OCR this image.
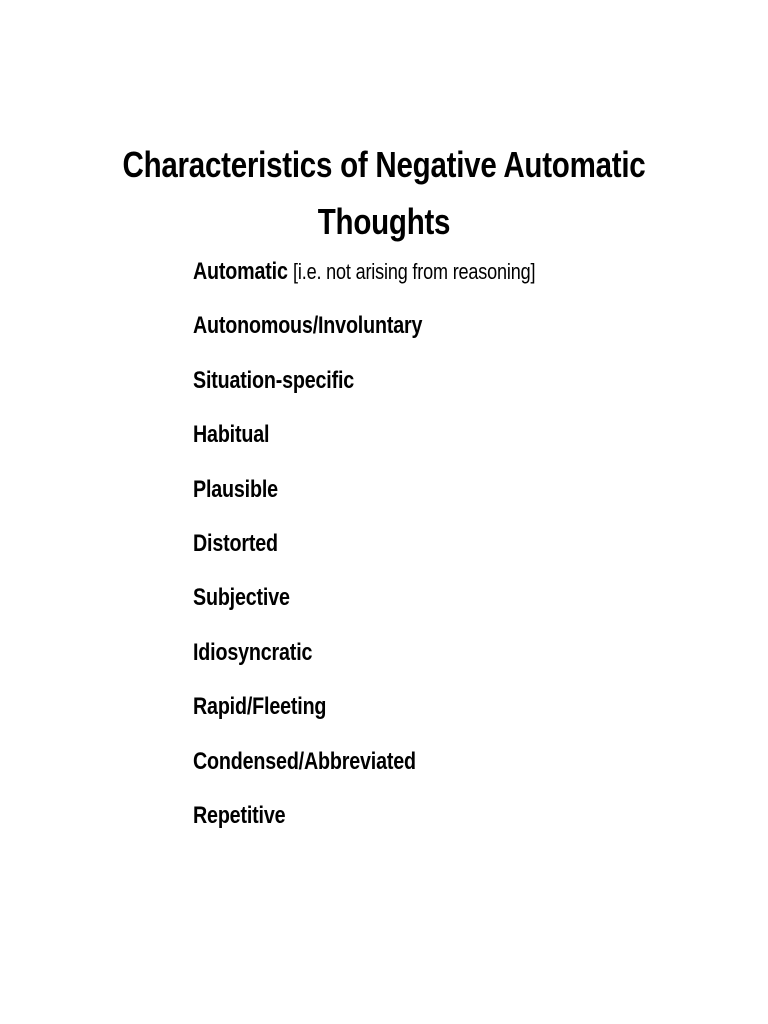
Characteristics of Negative Automatic
Thoughts
Automatic [i.e. not arising from reasoning]
Autonomous/Involuntary
Situation-specific
Habitual
Plausible
Distorted
Subjective
Idiosyncratic
Rapid/Fleeting
Condensed/Abbreviated
Repetitive
